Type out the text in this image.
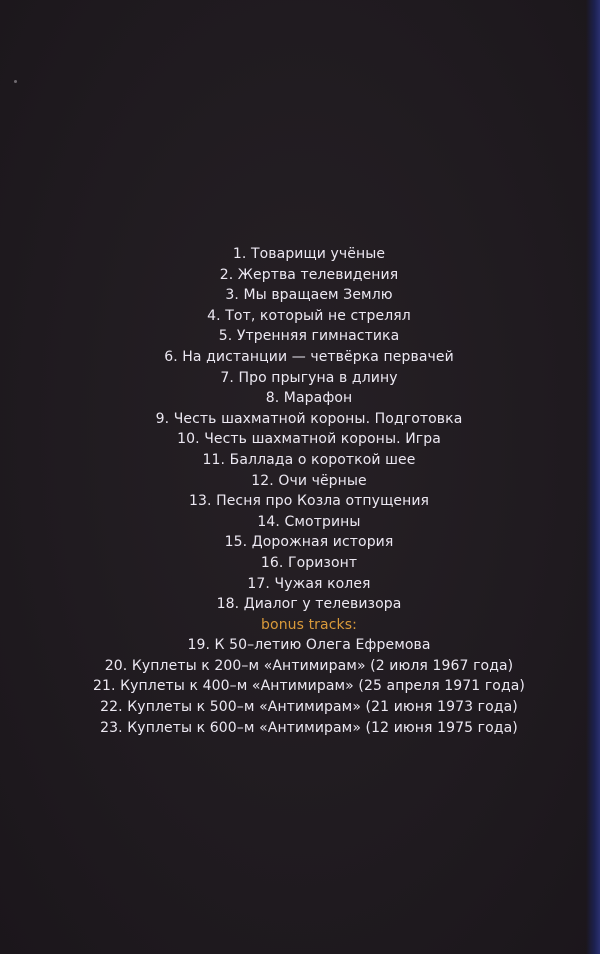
1. Товарищи учёные
2. Жертва телевидения
3. Мы вращаем Землю
4. Тот, который не стрелял
5. Утренняя гимнастика
6. На дистанции — четвёрка первачей
7. Про прыгуна в длину
8. Марафон
9. Честь шахматной короны. Подготовка
10. Честь шахматной короны. Игра
11. Баллада о короткой шее
12. Очи чёрные
13. Песня про Козла отпущения
14. Смотрины
15. Дорожная история
16. Горизонт
17. Чужая колея
18. Диалог у телевизора
bonus tracks:
19. К 50–летию Олега Ефремова
20. Куплеты к 200–м «Антимирам» (2 июля 1967 года)
21. Куплеты к 400–м «Антимирам» (25 апреля 1971 года)
22. Куплеты к 500–м «Антимирам» (21 июня 1973 года)
23. Куплеты к 600–м «Антимирам» (12 июня 1975 года)
